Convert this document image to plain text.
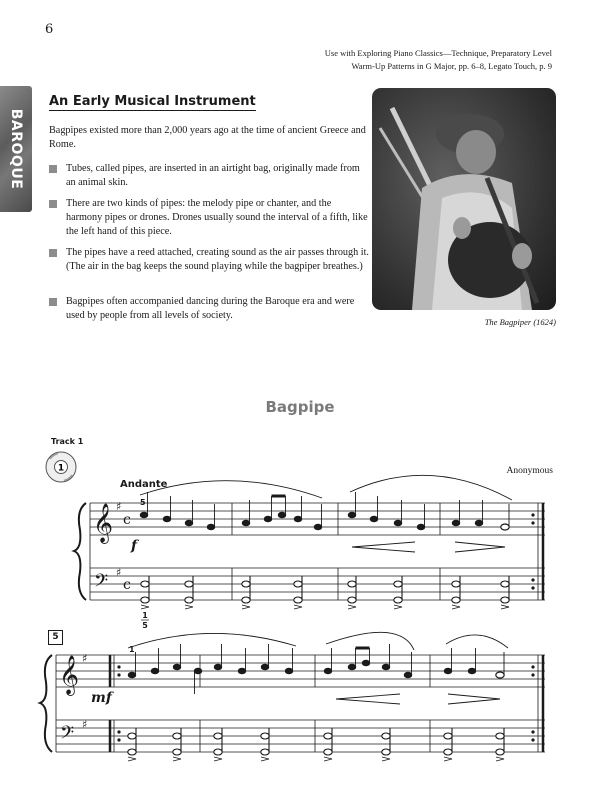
6
Use with Exploring Piano Classics—Technique, Preparatory Level
Warm-Up Patterns in G Major, pp. 6–8, Legato Touch, p. 9
BAROQUE
An Early Musical Instrument
Bagpipes existed more than 2,000 years ago at the time of ancient Greece and Rome.
Tubes, called pipes, are inserted in an airtight bag, originally made from an animal skin.
There are two kinds of pipes: the melody pipe or chanter, and the harmony pipes or drones. Drones usually sound the interval of a fifth, like the left hand of this piece.
The pipes have a reed attached, creating sound as the air passes through it. (The air in the bag keeps the sound playing while the bagpiper breathes.)
Bagpipes often accompanied dancing during the Baroque era and were used by people from all levels of society.
The Bagpiper (1624)
Bagpipe
Track 1
1	Anonymous
Andante
f
mf
5
𝄞
𝄢
♯
♯
c
c
𝄞
𝄢
♯
♯
5
1
5
1
